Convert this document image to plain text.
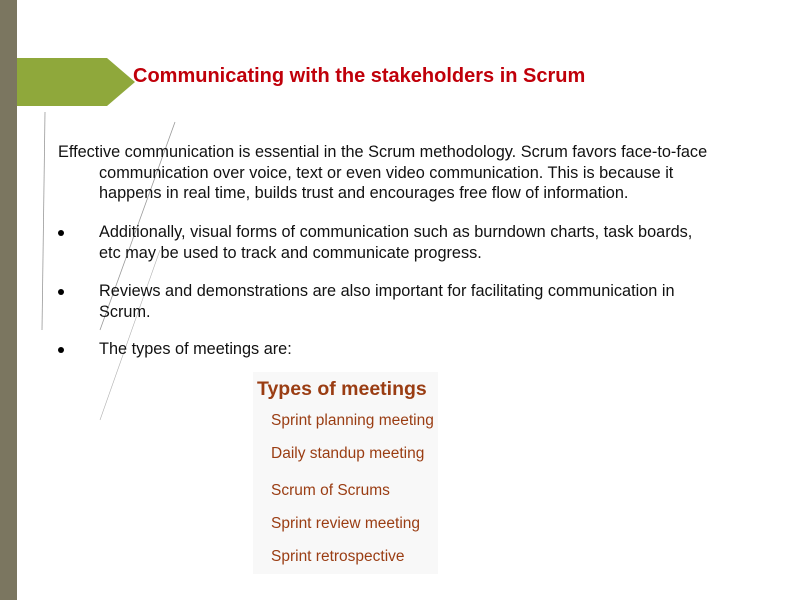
Communicating with the stakeholders in Scrum
Effective communication is essential in the Scrum methodology. Scrum favors face-to-face
communication over voice, text or even video communication. This is because it
happens in real time, builds trust and encourages free flow of information.
Additionally, visual forms of communication such as burndown charts, task boards,
etc may be used to track and communicate progress.
Reviews and demonstrations are also important for facilitating communication in
Scrum.
The types of meetings are:
Types of meetings
Sprint planning meeting
Daily standup meeting
Scrum of Scrums
Sprint review meeting
Sprint retrospective
